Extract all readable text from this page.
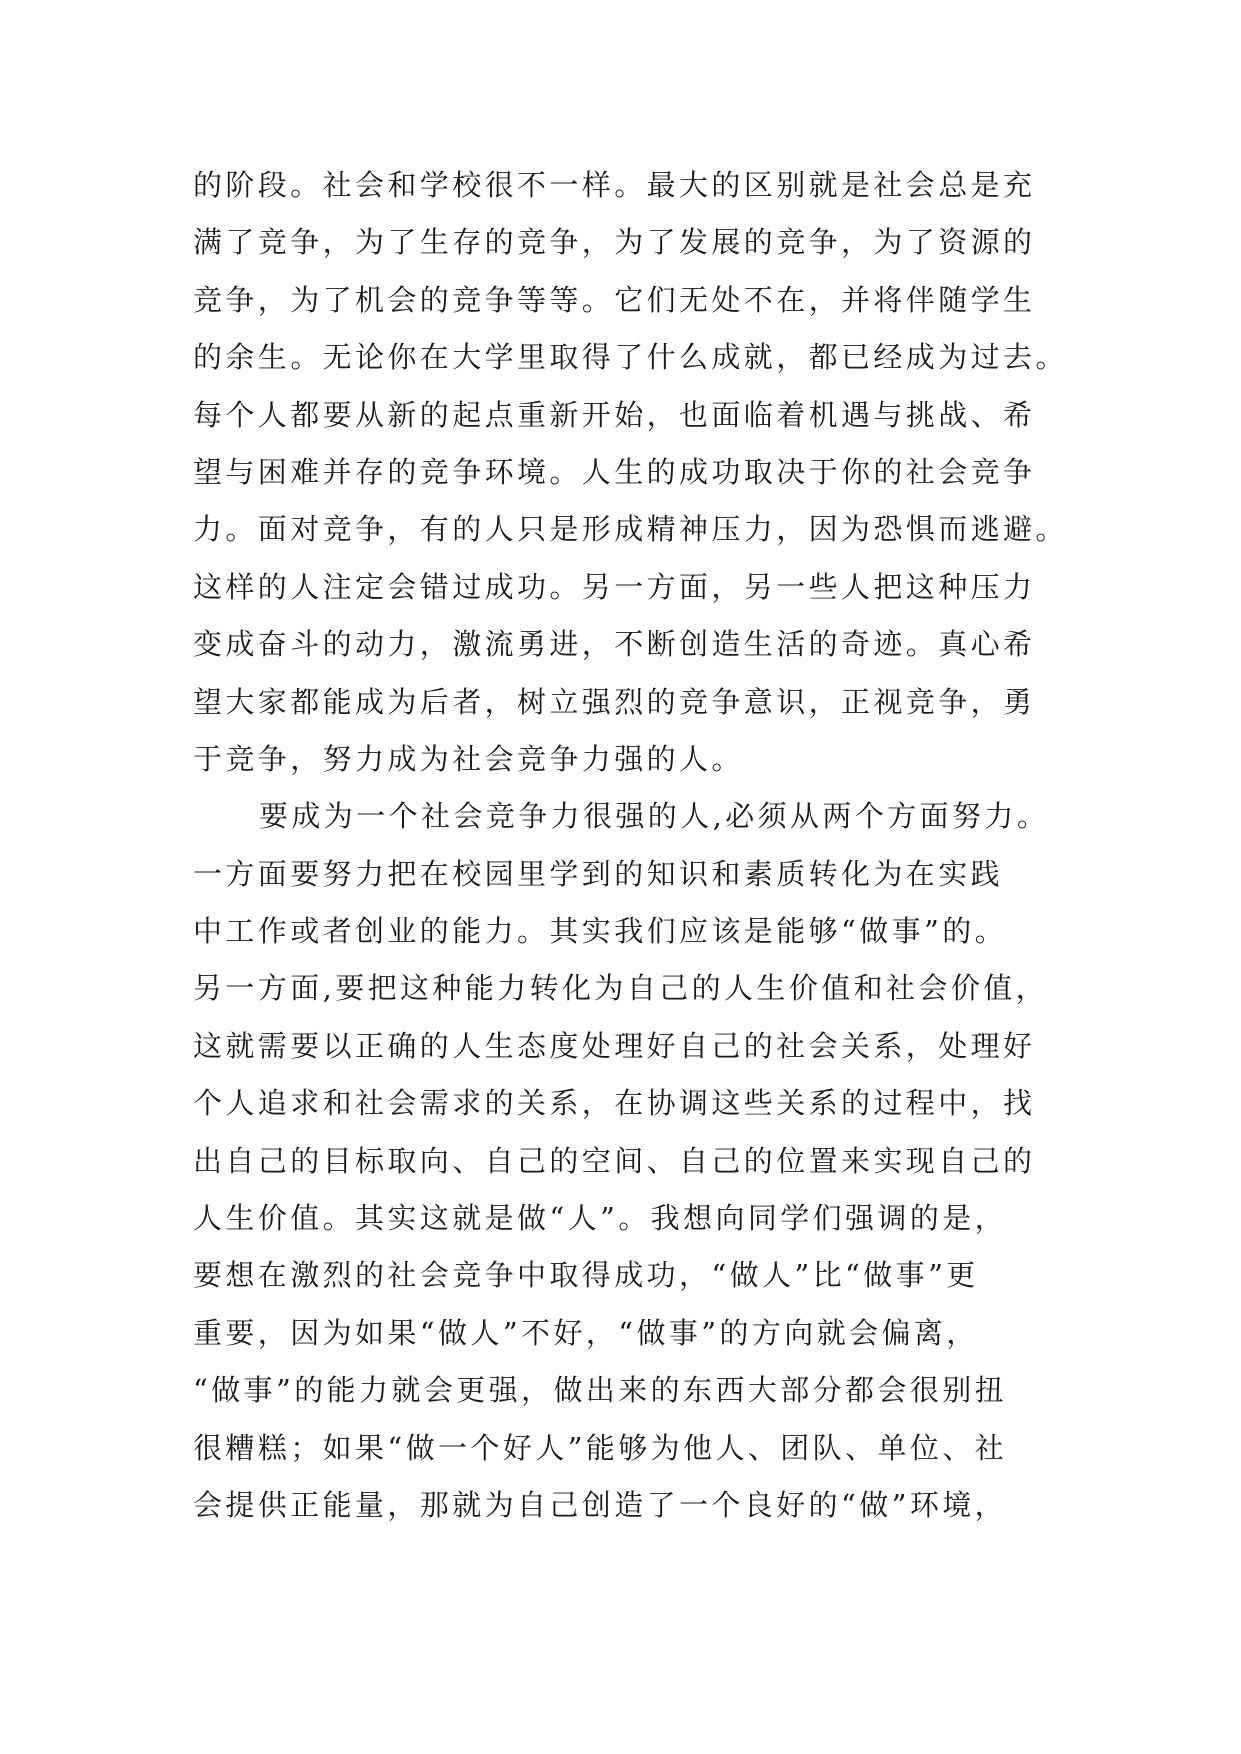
的阶段。社会和学校很不一样。最大的区别就是社会总是充
满了竞争，为了生存的竞争，为了发展的竞争，为了资源的
竞争，为了机会的竞争等等。它们无处不在，并将伴随学生
的余生。无论你在大学里取得了什么成就，都已经成为过去。
每个人都要从新的起点重新开始，也面临着机遇与挑战、希
望与困难并存的竞争环境。人生的成功取决于你的社会竞争
力。面对竞争，有的人只是形成精神压力，因为恐惧而逃避。
这样的人注定会错过成功。另一方面，另一些人把这种压力
变成奋斗的动力，激流勇进，不断创造生活的奇迹。真心希
望大家都能成为后者，树立强烈的竞争意识，正视竞争，勇
于竞争，努力成为社会竞争力强的人。
要成为一个社会竞争力很强的人,必须从两个方面努力。
一方面要努力把在校园里学到的知识和素质转化为在实践
中工作或者创业的能力。其实我们应该是能够“做事”的。
另一方面,要把这种能力转化为自己的人生价值和社会价值，
这就需要以正确的人生态度处理好自己的社会关系，处理好
个人追求和社会需求的关系，在协调这些关系的过程中，找
出自己的目标取向、自己的空间、自己的位置来实现自己的
人生价值。其实这就是做“人”。我想向同学们强调的是，
要想在激烈的社会竞争中取得成功，“做人”比“做事”更
重要，因为如果“做人”不好，“做事”的方向就会偏离，
“做事”的能力就会更强，做出来的东西大部分都会很别扭
很糟糕；如果“做一个好人”能够为他人、团队、单位、社
会提供正能量，那就为自己创造了一个良好的“做”环境，
